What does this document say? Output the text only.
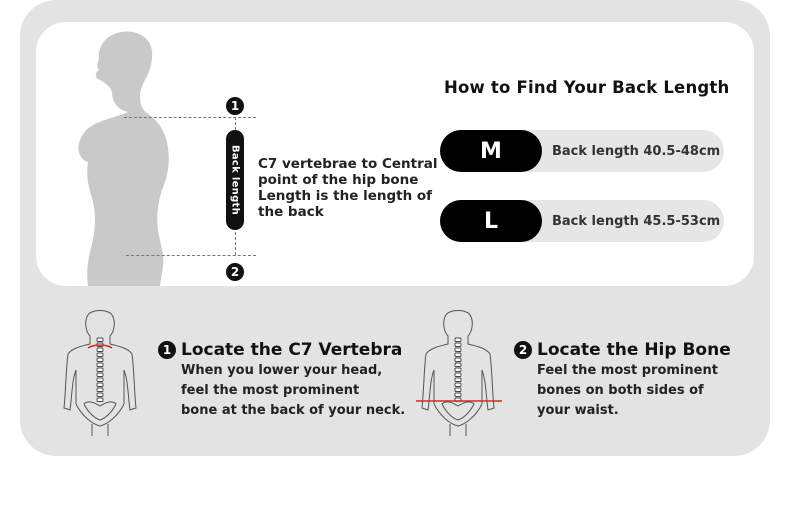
1
2
Back length C7 vertebrae to Central point of the hip bone Length is the length of the back
How to Find Your Back Length
M	Back length 40.5-48cm
L	Back length 45.5-53cm
1 Locate the C7 Vertebra
When you lower your head,
feel the most prominent
bone at the back of your neck.
2 Locate the Hip Bone
Feel the most prominent
bones on both sides of
your waist.
